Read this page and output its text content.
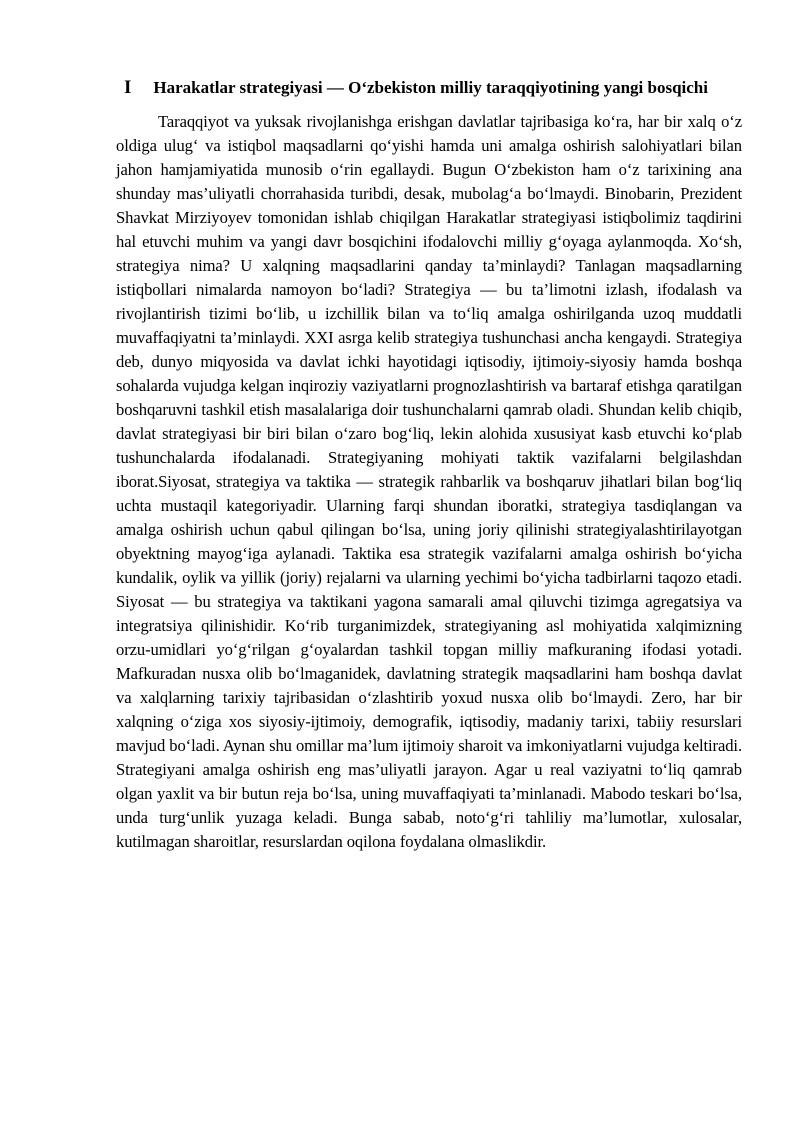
I Harakatlar strategiyasi — O‘zbekiston milliy taraqqiyotining yangi bosqichi

Taraqqiyot va yuksak rivojlanishga erishgan davlatlar tajribasiga ko‘ra, har bir xalq o‘z oldiga ulug‘ va istiqbol maqsadlarni qo‘yishi hamda uni amalga oshirish salohiyatlari bilan jahon hamjamiyatida munosib o‘rin egallaydi. Bugun O‘zbekiston ham o‘z tarixining ana shunday mas’uliyatli chorrahasida turibdi, desak, mubolag‘a bo‘lmaydi. Binobarin, Prezident Shavkat Mirziyoyev tomonidan ishlab chiqilgan Harakatlar strategiyasi istiqbolimiz taqdirini hal etuvchi muhim va yangi davr bosqichini ifodalovchi milliy g‘oyaga aylanmoqda. Xo‘sh, strategiya nima? U xalqning maqsadlarini qanday ta’minlaydi? Tanlagan maqsadlarning istiqbollari nimalarda namoyon bo‘ladi? Strategiya — bu ta’limotni izlash, ifodalash va rivojlantirish tizimi bo‘lib, u izchillik bilan va to‘liq amalga oshirilganda uzoq muddatli muvaffaqiyatni ta’minlaydi. XXI asrga kelib strategiya tushunchasi ancha kengaydi. Strategiya deb, dunyo miqyosida va davlat ichki hayotidagi iqtisodiy, ijtimoiy-siyosiy hamda boshqa sohalarda vujudga kelgan inqiroziy vaziyatlarni prognozlashtirish va bartaraf etishga qaratilgan boshqaruvni tashkil etish masalalariga doir tushunchalarni qamrab oladi. Shundan kelib chiqib, davlat strategiyasi bir biri bilan o‘zaro bog‘liq, lekin alohida xususiyat kasb etuvchi ko‘plab tushunchalarda ifodalanadi. Strategiyaning mohiyati taktik vazifalarni belgilashdan iborat.Siyosat, strategiya va taktika — strategik rahbarlik va boshqaruv jihatlari bilan bog‘liq uchta mustaqil kategoriyadir. Ularning farqi shundan iboratki, strategiya tasdiqlangan va amalga oshirish uchun qabul qilingan bo‘lsa, uning joriy qilinishi strategiyalashtirilayotgan obyektning mayog‘iga aylanadi. Taktika esa strategik vazifalarni amalga oshirish bo‘yicha kundalik, oylik va yillik (joriy) rejalarni va ularning yechimi bo‘yicha tadbirlarni taqozo etadi. Siyosat — bu strategiya va taktikani yagona samarali amal qiluvchi tizimga agregatsiya va integratsiya qilinishidir. Ko‘rib turganimizdek, strategiyaning asl mohiyatida xalqimizning orzu-umidlari yo‘g‘rilgan g‘oyalardan tashkil topgan milliy mafkuraning ifodasi yotadi. Mafkuradan nusxa olib bo‘lmaganidek, davlatning strategik maqsadlarini ham boshqa davlat va xalqlarning tarixiy tajribasidan o‘zlashtirib yoxud nusxa olib bo‘lmaydi. Zero, har bir xalqning o‘ziga xos siyosiy-ijtimoiy, demografik, iqtisodiy, madaniy tarixi, tabiiy resurslari mavjud bo‘ladi. Aynan shu omillar ma’lum ijtimoiy sharoit va imkoniyatlarni vujudga keltiradi. Strategiyani amalga oshirish eng mas’uliyatli jarayon. Agar u real vaziyatni to‘liq qamrab olgan yaxlit va bir butun reja bo‘lsa, uning muvaffaqiyati ta’minlanadi. Mabodo teskari bo‘lsa, unda turg‘unlik yuzaga keladi. Bunga sabab, noto‘g‘ri tahliliy ma’lumotlar, xulosalar, kutilmagan sharoitlar, resurslardan oqilona foydalana olmaslikdir.
